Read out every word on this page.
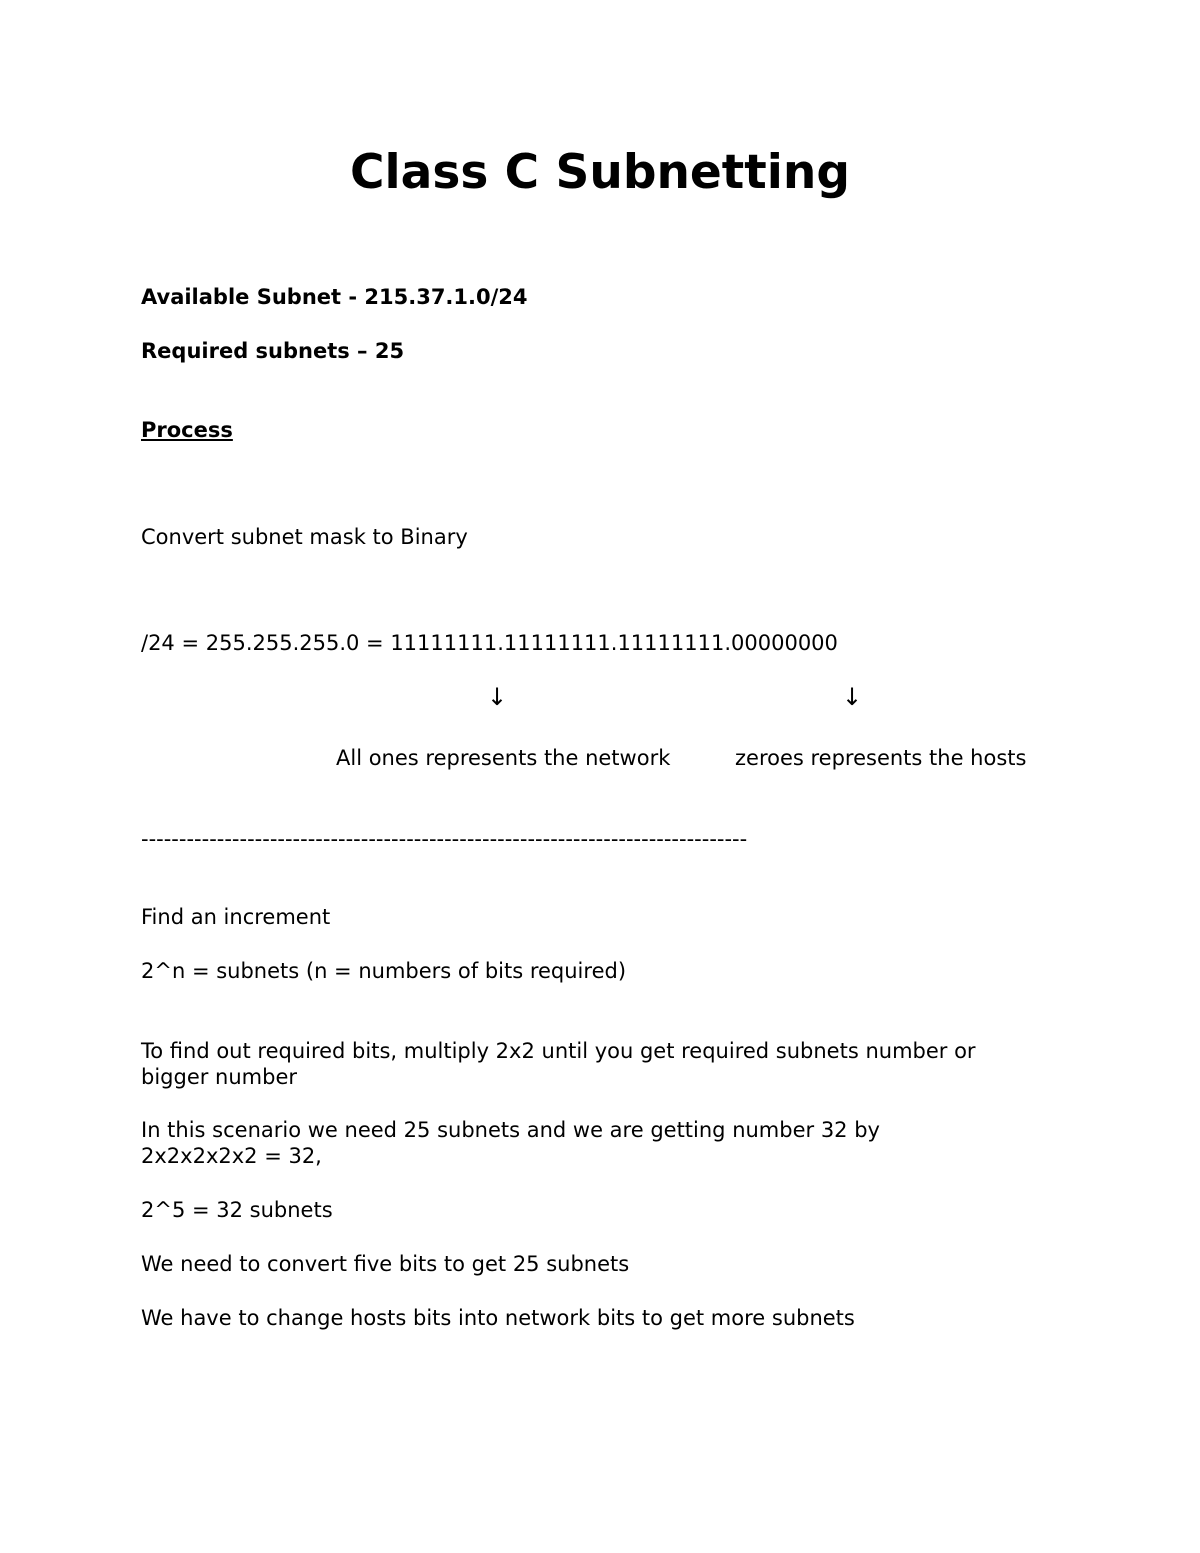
Class C Subnetting
Available Subnet - 215.37.1.0/24
Required subnets – 25
Process
Convert subnet mask to Binary
/24 = 255.255.255.0 = 11111111.11111111.11111111.00000000
↓	↓
All ones represents the network	zeroes represents the hosts
--------------------------------------------------------------------------------
Find an increment
2^n = subnets (n = numbers of bits required)
To find out required bits, multiply 2x2 until you get required subnets number or bigger number
In this scenario we need 25 subnets and we are getting number 32 by 2x2x2x2x2 = 32,
2^5 = 32 subnets
We need to convert five bits to get 25 subnets
We have to change hosts bits into network bits to get more subnets
